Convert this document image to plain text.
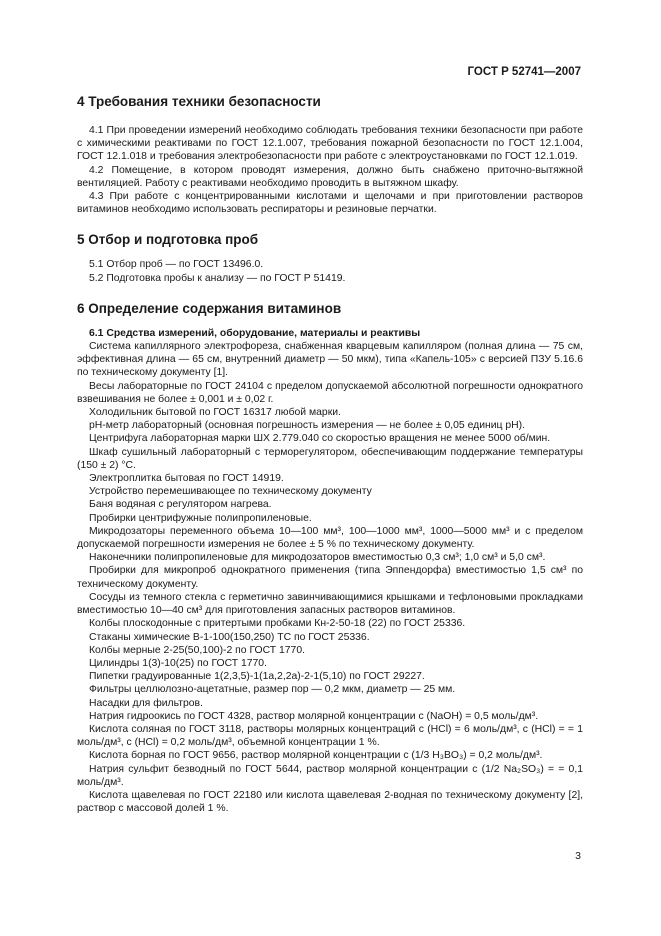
ГОСТ Р 52741—2007
4 Требования техники безопасности

4.1 При проведении измерений необходимо соблюдать требования техники безопасности при работе с химическими реактивами по ГОСТ 12.1.007, требования пожарной безопасности по ГОСТ 12.1.004, ГОСТ 12.1.018 и требования электробезопасности при работе с электроустановками по ГОСТ 12.1.019.

4.2 Помещение, в котором проводят измерения, должно быть снабжено приточно-вытяжной вентиляцией. Работу с реактивами необходимо проводить в вытяжном шкафу.

4.3 При работе с концентрированными кислотами и щелочами и при приготовлении растворов витаминов необходимо использовать респираторы и резиновые перчатки.

5 Отбор и подготовка проб

5.1 Отбор проб — по ГОСТ 13496.0.

5.2 Подготовка пробы к анализу — по ГОСТ Р 51419.

6 Определение содержания витаминов

6.1 Средства измерений, оборудование, материалы и реактивы

Система капиллярного электрофореза, снабженная кварцевым капилляром (полная длина — 75 см, эффективная длина — 65 см, внутренний диаметр — 50 мкм), типа «Капель-105» с версией ПЗУ 5.16.6 по техническому документу [1].

Весы лабораторные по ГОСТ 24104 с пределом допускаемой абсолютной погрешности однократного взвешивания не более ± 0,001 и ± 0,02 г.

Холодильник бытовой по ГОСТ 16317 любой марки.

pH-метр лабораторный (основная погрешность измерения — не более ± 0,05 единиц pH).

Центрифуга лабораторная марки ШХ 2.779.040 со скоростью вращения не менее 5000 об/мин.

Шкаф сушильный лабораторный с терморегулятором, обеспечивающим поддержание температуры (150 ± 2) °С.

Электроплитка бытовая по ГОСТ 14919.

Устройство перемешивающее по техническому документу

Баня водяная с регулятором нагрева.

Пробирки центрифужные полипропиленовые.

Микродозаторы переменного объема 10—100 мм³, 100—1000 мм³, 1000—5000 мм³ и с пределом допускаемой погрешности измерения не более ± 5 % по техническому документу.

Наконечники полипропиленовые для микродозаторов вместимостью 0,3 см³; 1,0 см³ и 5,0 см³.

Пробирки для микропроб однократного применения (типа Эппендорфа) вместимостью 1,5 см³ по техническому документу.

Сосуды из темного стекла с герметично завинчивающимися крышками и тефлоновыми прокладками вместимостью 10—40 см³ для приготовления запасных растворов витаминов.

Колбы плоскодонные с притертыми пробками Кн-2-50-18 (22) по ГОСТ 25336.

Стаканы химические В-1-100(150,250) ТС по ГОСТ 25336.

Колбы мерные 2-25(50,100)-2 по ГОСТ 1770.

Цилиндры 1(3)-10(25) по ГОСТ 1770.

Пипетки градуированные 1(2,3,5)-1(1а,2,2а)-2-1(5,10) по ГОСТ 29227.

Фильтры целлюлозно-ацетатные, размер пор — 0,2 мкм, диаметр — 25 мм.

Насадки для фильтров.

Натрия гидроокись по ГОСТ 4328, раствор молярной концентрации c (NaOH) = 0,5 моль/дм³.

Кислота соляная по ГОСТ 3118, растворы молярных концентраций c (HCl) = 6 моль/дм³, c (HCl) = = 1 моль/дм³, c (HCl) = 0,2 моль/дм³, объемной концентрации 1 %.

Кислота борная по ГОСТ 9656, раствор молярной концентрации c (1/3 H₃BO₃) = 0,2 моль/дм³.

Натрия сульфит безводный по ГОСТ 5644, раствор молярной концентрации c (1/2 Na₂SO₃) = = 0,1 моль/дм³.

Кислота щавелевая по ГОСТ 22180 или кислота щавелевая 2-водная по техническому документу [2], раствор с массовой долей 1 %.

3
